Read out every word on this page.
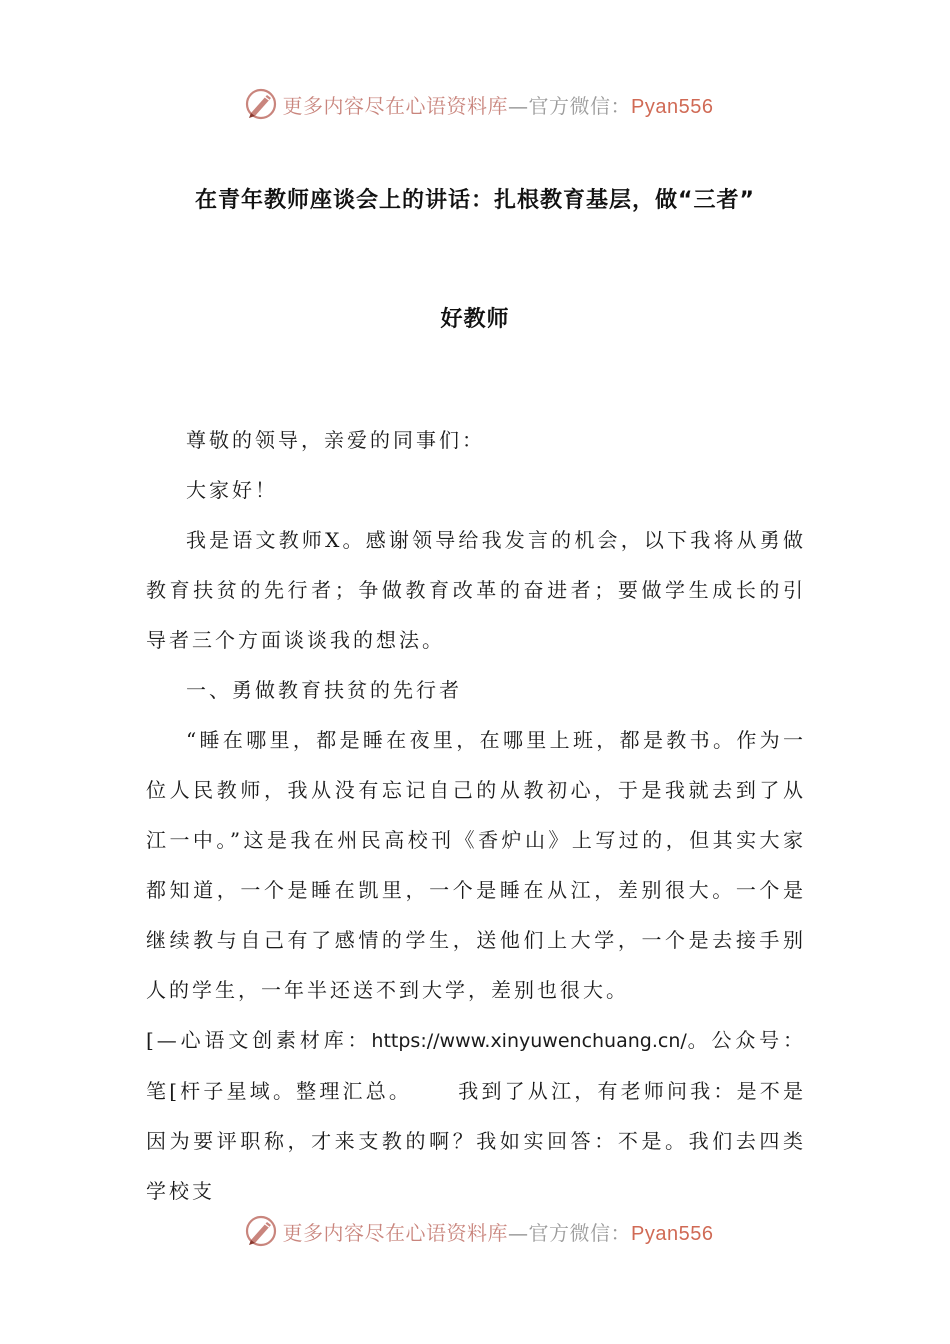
更多内容尽在心语资料库—官方微信：Pyan556
在青年教师座谈会上的讲话：扎根教育基层，做“三者”
好教师

尊敬的领导，亲爱的同事们：

大家好！

我是语文教师X。感谢领导给我发言的机会，以下我将从勇做教育扶贫的先行者；争做教育改革的奋进者；要做学生成长的引导者三个方面谈谈我的想法。

一、勇做教育扶贫的先行者

“睡在哪里，都是睡在夜里，在哪里上班，都是教书。作为一位人民教师，我从没有忘记自己的从教初心，于是我就去到了从江一中。”这是我在州民高校刊《香炉山》上写过的，但其实大家都知道，一个是睡在凯里，一个是睡在从江，差别很大。一个是继续教与自己有了感情的学生，送他们上大学，一个是去接手别人的学生，一年半还送不到大学，差别也很大。

[—心语文创素材库：https://www.xinyuwenchuang.cn/。公众号：笔[杆子星域。整理汇总。   我到了从江，有老师问我：是不是因为要评职称，才来支教的啊？我如实回答：不是。我们去四类学校支

更多内容尽在心语资料库—官方微信：Pyan556
